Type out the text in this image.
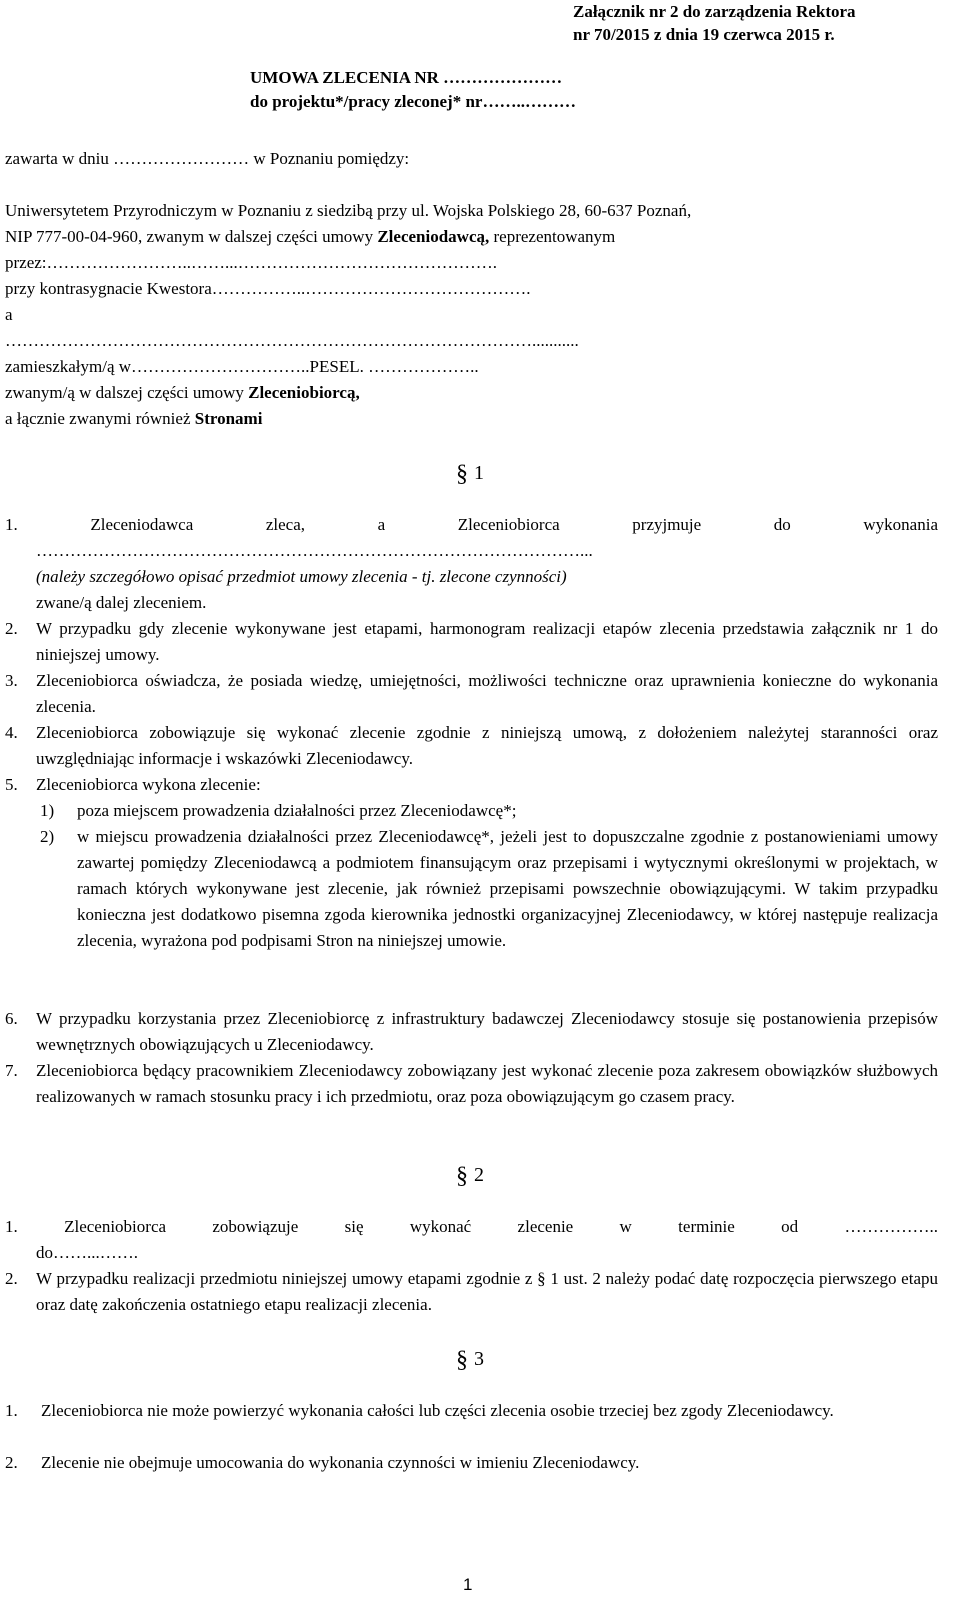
Załącznik nr 2 do zarządzenia Rektora
nr 70/2015 z dnia 19 czerwca 2015 r.
UMOWA ZLECENIA NR …………………
do projektu*/pracy zleconej* nr……..………
zawarta w dniu …………………… w Poznaniu pomiędzy:
Uniwersytetem Przyrodniczym w Poznaniu z siedzibą przy ul. Wojska Polskiego 28, 60-637 Poznań,
NIP 777-00-04-960, zwanym w dalszej części umowy Zleceniodawcą, reprezentowanym
przez:……………………..……...……………………………………….
przy kontrasygnacie Kwestora……………..………………………………….
a
…………………………………………………………………………………...........
zamieszkałym/ą w…………………………..PESEL. ………………..
zwanym/ą w dalszej części umowy Zleceniobiorcą,
a łącznie zwanymi również Stronami
§ 1
1.	Zleceniodawca zleca, a Zleceniobiorca przyjmuje do wykonania
……………………………………………………………………………………...
(należy szczegółowo opisać przedmiot umowy zlecenia - tj. zlecone czynności)
zwane/ą dalej zleceniem.
2. W przypadku gdy zlecenie wykonywane jest etapami, harmonogram realizacji etapów zlecenia przedstawia załącznik nr 1 do niniejszej umowy.
3. Zleceniobiorca oświadcza, że posiada wiedzę, umiejętności, możliwości techniczne oraz uprawnienia konieczne do wykonania zlecenia.
4. Zleceniobiorca zobowiązuje się wykonać zlecenie zgodnie z niniejszą umową, z dołożeniem należytej staranności oraz uwzględniając informacje i wskazówki Zleceniodawcy.
5. Zleceniobiorca wykona zlecenie:
1) poza miejscem prowadzenia działalności przez Zleceniodawcę*;
2) w miejscu prowadzenia działalności przez Zleceniodawcę*, jeżeli jest to dopuszczalne zgodnie z postanowieniami umowy zawartej pomiędzy Zleceniodawcą a podmiotem finansującym oraz przepisami i wytycznymi określonymi w projektach, w ramach których wykonywane jest zlecenie, jak również przepisami powszechnie obowiązującymi. W takim przypadku konieczna jest dodatkowo pisemna zgoda kierownika jednostki organizacyjnej Zleceniodawcy, w której następuje realizacja zlecenia, wyrażona pod podpisami Stron na niniejszej umowie.
6. W przypadku korzystania przez Zleceniobiorcę z infrastruktury badawczej Zleceniodawcy stosuje się postanowienia przepisów wewnętrznych obowiązujących u Zleceniodawcy.
7. Zleceniobiorca będący pracownikiem Zleceniodawcy zobowiązany jest wykonać zlecenie poza zakresem obowiązków służbowych realizowanych w ramach stosunku pracy i ich przedmiotu, oraz poza obowiązującym go czasem pracy.
§ 2
1.	Zleceniobiorca zobowiązuje się wykonać zlecenie w terminie od ……………..
do……...…….
2. W przypadku realizacji przedmiotu niniejszej umowy etapami zgodnie z § 1 ust. 2 należy podać datę rozpoczęcia pierwszego etapu oraz datę zakończenia ostatniego etapu realizacji zlecenia.
§ 3
1. Zleceniobiorca nie może powierzyć wykonania całości lub części zlecenia osobie trzeciej bez zgody Zleceniodawcy.
2. Zlecenie nie obejmuje umocowania do wykonania czynności w imieniu Zleceniodawcy.
1
